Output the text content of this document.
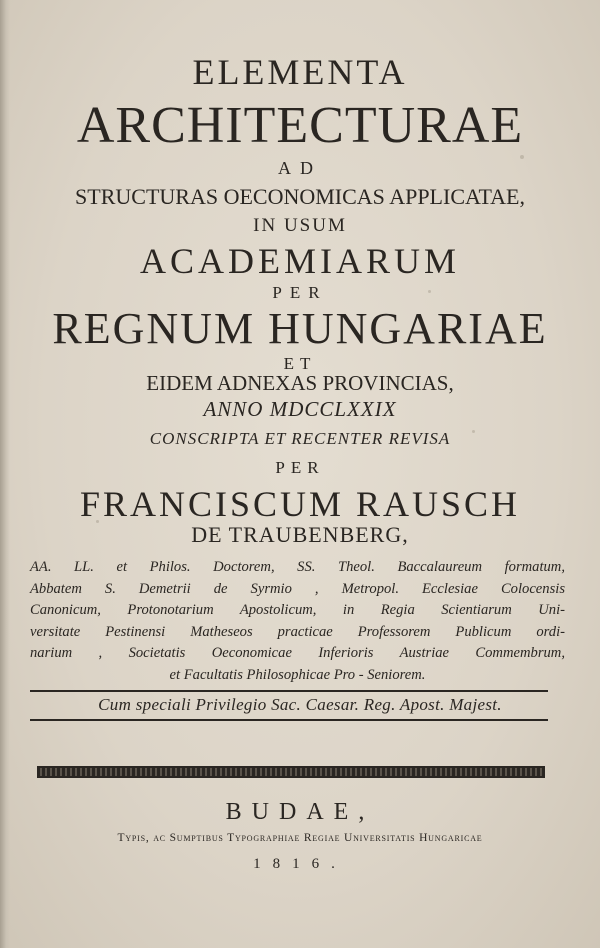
ELEMENTA
ARCHITECTURAE
AD
STRUCTURAS OECONOMICAS APPLICATAE,
IN USUM
ACADEMIARUM
PER
REGNUM HUNGARIAE
ET
EIDEM ADNEXAS PROVINCIAS,
ANNO MDCCLXXIX
CONSCRIPTA ET RECENTER REVISA
PER
FRANCISCUM RAUSCH
DE TRAUBENBERG,
AA. LL. et Philos. Doctorem, SS. Theol. Baccalaureum formatum,
Abbatem S. Demetrii de Syrmio , Metropol. Ecclesiae Colocensis
Canonicum, Protonotarium Apostolicum, in Regia Scientiarum Uni-
versitate Pestinensi Matheseos practicae Professorem Publicum ordi-
narium , Societatis Oeconomicae Inferioris Austriae Commembrum,
et Facultatis Philosophicae Pro - Seniorem.
Cum speciali Privilegio Sac. Caesar. Reg. Apost. Majest.
BUDAE,
Typis, ac Sumptibus Typographiae Regiae Universitatis Hungaricae
1816.
